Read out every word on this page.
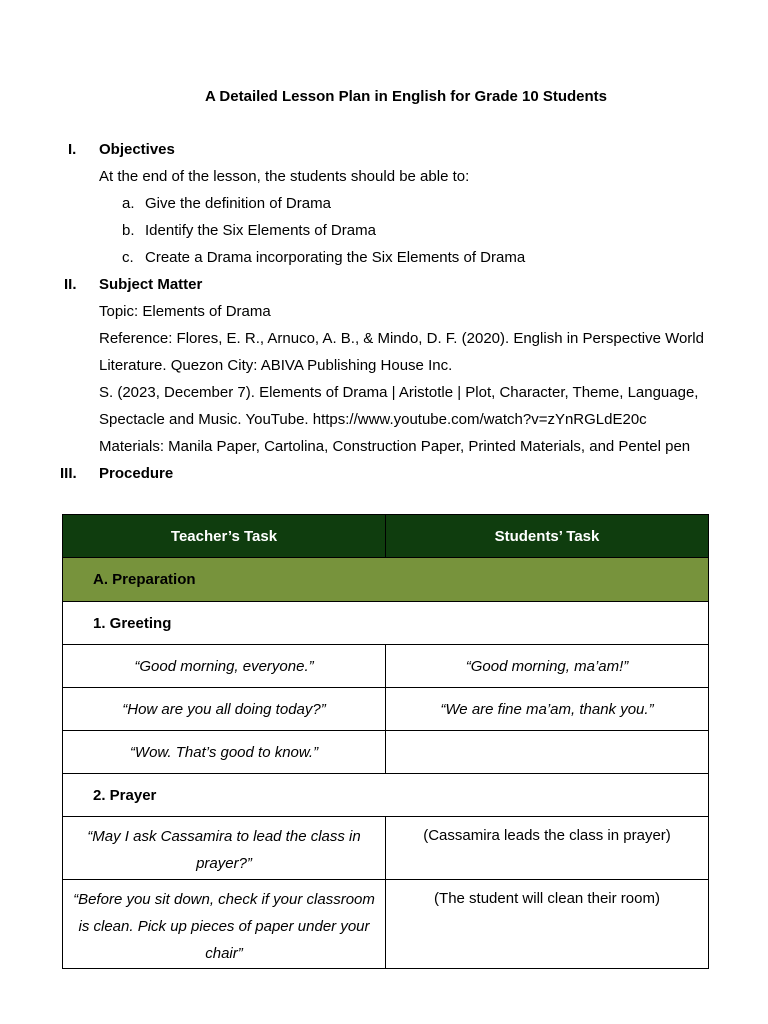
A Detailed Lesson Plan in English for Grade 10 Students
I. Objectives
At the end of the lesson, the students should be able to:
a. Give the definition of Drama
b. Identify the Six Elements of Drama
c. Create a Drama incorporating the Six Elements of Drama
II. Subject Matter
Topic: Elements of Drama
Reference: Flores, E. R., Arnuco, A. B., & Mindo, D. F. (2020). English in Perspective World
Literature. Quezon City: ABIVA Publishing House Inc.
S. (2023, December 7). Elements of Drama | Aristotle | Plot, Character, Theme, Language,
Spectacle and Music. YouTube. https://www.youtube.com/watch?v=zYnRGLdE20c
Materials: Manila Paper, Cartolina, Construction Paper, Printed Materials, and Pentel pen
III. Procedure
Teacher’s Task	Students’ Task
A. Preparation	
1. Greeting	
“Good morning, everyone.”	“Good morning, ma’am!”
“How are you all doing today?”	“We are fine ma’am, thank you.”
“Wow. That’s good to know.”	
2. Prayer	
“May I ask Cassamira to lead the class in prayer?”	(Cassamira leads the class in prayer)
“Before you sit down, check if your classroom is clean. Pick up pieces of paper under your chair”	(The student will clean their room)
